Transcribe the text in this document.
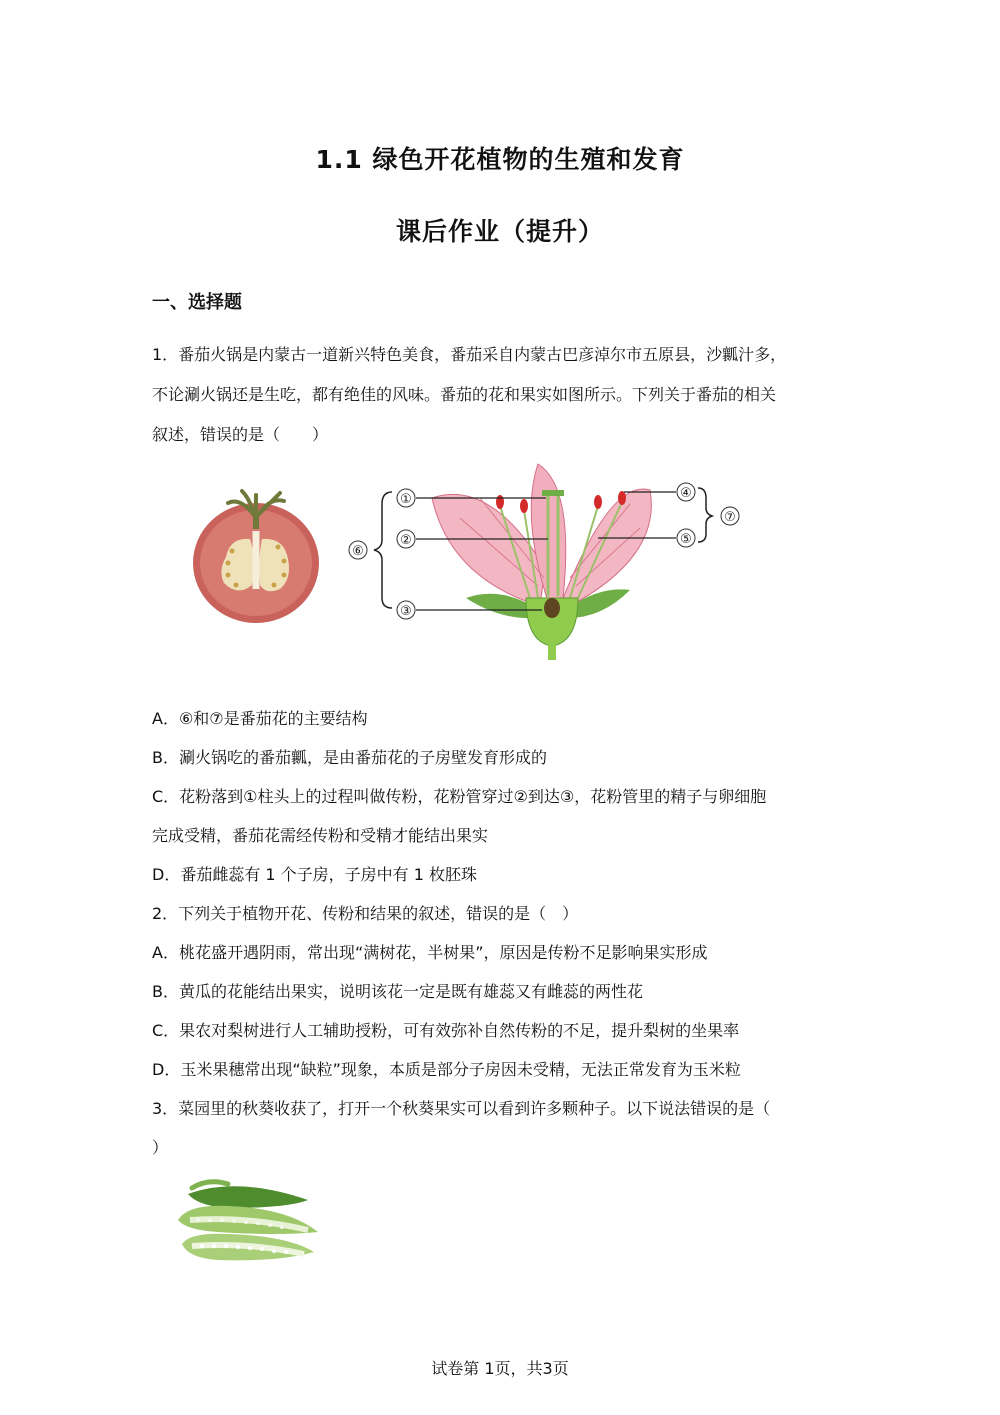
1.1 绿色开花植物的生殖和发育
课后作业（提升）
一、选择题
1．番茄火锅是内蒙古一道新兴特色美食，番茄采自内蒙古巴彦淖尔市五原县，沙瓤汁多，
不论涮火锅还是生吃，都有绝佳的风味。番茄的花和果实如图所示。下列关于番茄的相关
叙述，错误的是（　　）
①
②
③
④
⑤
⑥
⑦
A．⑥和⑦是番茄花的主要结构
B．涮火锅吃的番茄瓤，是由番茄花的子房壁发育形成的
C．花粉落到①柱头上的过程叫做传粉，花粉管穿过②到达③，花粉管里的精子与卵细胞
完成受精，番茄花需经传粉和受精才能结出果实
D．番茄雌蕊有 1 个子房，子房中有 1 枚胚珠
2．下列关于植物开花、传粉和结果的叙述，错误的是（　）
A．桃花盛开遇阴雨，常出现“满树花，半树果”，原因是传粉不足影响果实形成
B．黄瓜的花能结出果实，说明该花一定是既有雄蕊又有雌蕊的两性花
C．果农对梨树进行人工辅助授粉，可有效弥补自然传粉的不足，提升梨树的坐果率
D．玉米果穗常出现“缺粒”现象，本质是部分子房因未受精，无法正常发育为玉米粒
3．菜园里的秋葵收获了，打开一个秋葵果实可以看到许多颗种子。以下说法错误的是（
）
试卷第 1页，共3页
